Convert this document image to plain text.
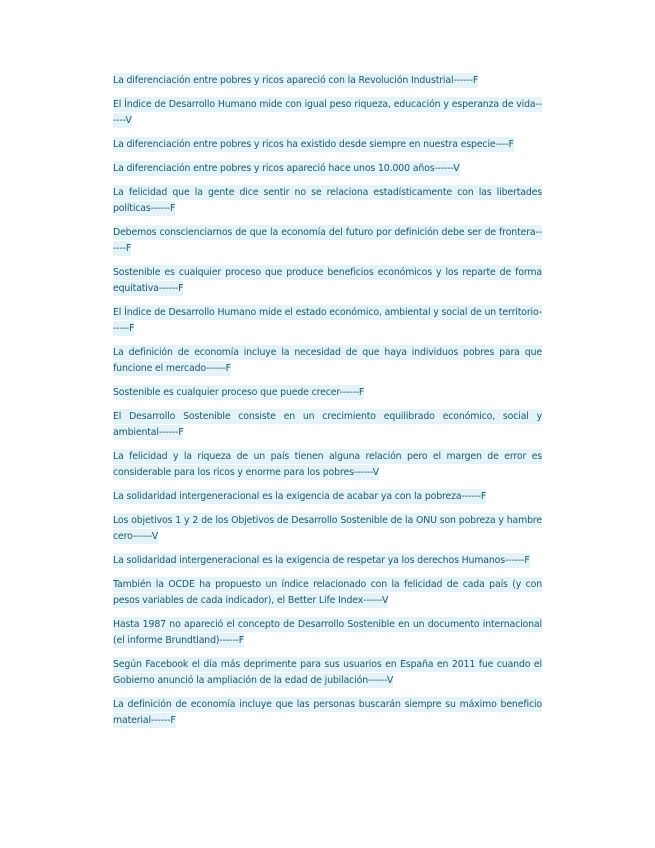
La diferenciación entre pobres y ricos apareció con la Revolución Industrial------F

El Índice de Desarrollo Humano mide con igual peso riqueza, educación y esperanza de vida------V

La diferenciación entre pobres y ricos ha existido desde siempre en nuestra especie----F

La diferenciación entre pobres y ricos apareció hace unos 10.000 años------V

La felicidad que la gente dice sentir no se relaciona estadísticamente con las libertades políticas------F

Debemos conscienciarnos de que la economía del futuro por definición debe ser de frontera------F

Sostenible es cualquier proceso que produce beneficios económicos y los reparte de forma equitativa------F

El Índice de Desarrollo Humano mide el estado económico, ambiental y social de un territorio------F

La definición de economía incluye la necesidad de que haya individuos pobres para que funcione el mercado------F

Sostenible es cualquier proceso que puede crecer------F

El Desarrollo Sostenible consiste en un crecimiento equilibrado económico, social y ambiental------F

La felicidad y la riqueza de un país tienen alguna relación pero el margen de error es considerable para los ricos y enorme para los pobres------V

La solidaridad intergeneracional es la exigencia de acabar ya con la pobreza------F

Los objetivos 1 y 2 de los Objetivos de Desarrollo Sostenible de la ONU son pobreza y hambre cero------V

La solidaridad intergeneracional es la exigencia de respetar ya los derechos Humanos------F

También la OCDE ha propuesto un índice relacionado con la felicidad de cada país (y con pesos variables de cada indicador), el Better Life Index------V

Hasta 1987 no apareció el concepto de Desarrollo Sostenible en un documento internacional (el informe Brundtland)------F

Según Facebook el día más deprimente para sus usuarios en España en 2011 fue cuando el Gobierno anunció la ampliación de la edad de jubilación------V

La definición de economía incluye que las personas buscarán siempre su máximo beneficio material------F
